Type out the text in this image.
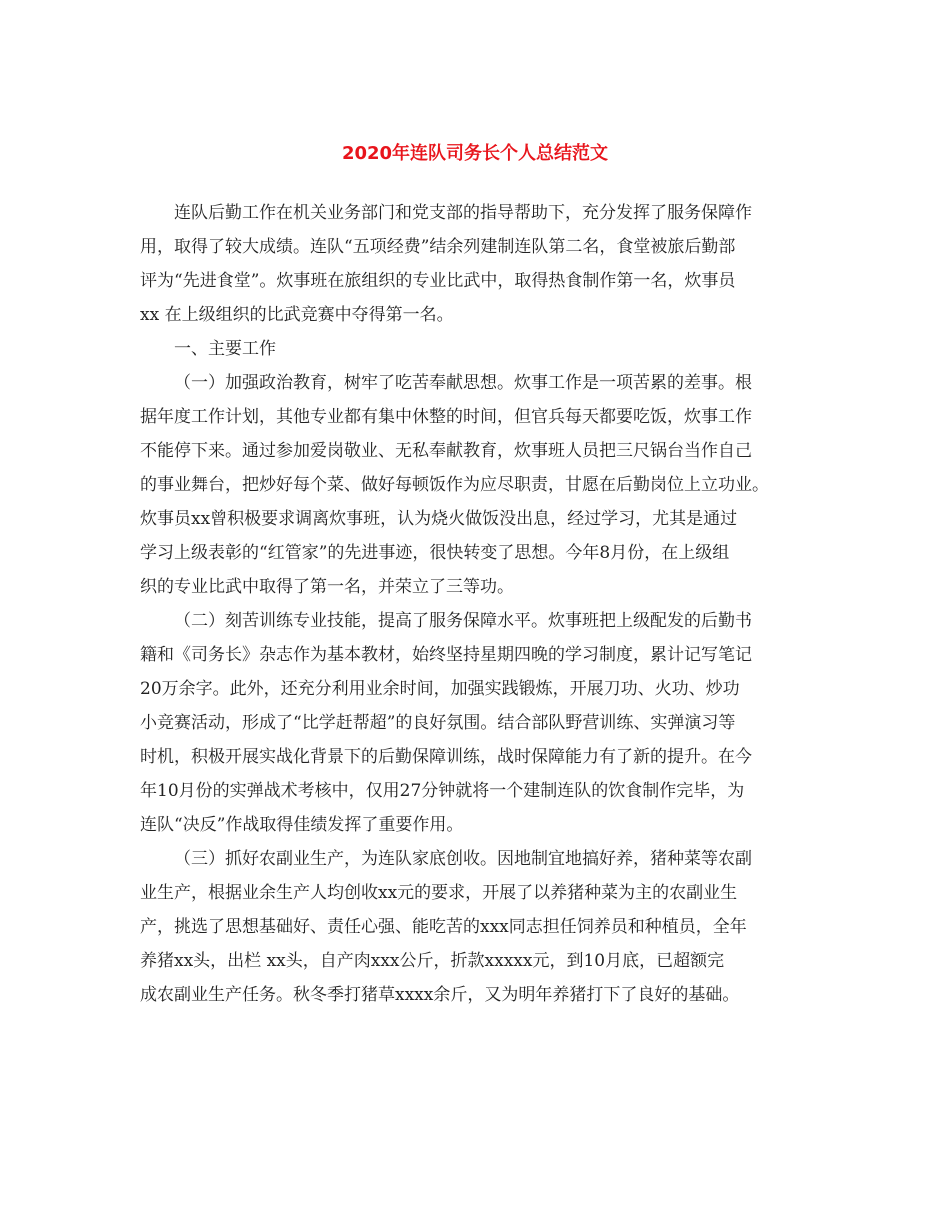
2020年连队司务长个人总结范文

连队后勤工作在机关业务部门和党支部的指导帮助下，充分发挥了服务保障作

用，取得了较大成绩。连队“五项经费”结余列建制连队第二名，食堂被旅后勤部

评为“先进食堂”。炊事班在旅组织的专业比武中，取得热食制作第一名，炊事员

xx 在上级组织的比武竞赛中夺得第一名。

一、主要工作

（一）加强政治教育，树牢了吃苦奉献思想。炊事工作是一项苦累的差事。根

据年度工作计划，其他专业都有集中休整的时间，但官兵每天都要吃饭，炊事工作

不能停下来。通过参加爱岗敬业、无私奉献教育，炊事班人员把三尺锅台当作自己

的事业舞台，把炒好每个菜、做好每顿饭作为应尽职责，甘愿在后勤岗位上立功业。

炊事员xx曾积极要求调离炊事班，认为烧火做饭没出息，经过学习，尤其是通过

学习上级表彰的“红管家”的先进事迹，很快转变了思想。今年8月份，在上级组

织的专业比武中取得了第一名，并荣立了三等功。

（二）刻苦训练专业技能，提高了服务保障水平。炊事班把上级配发的后勤书

籍和《司务长》杂志作为基本教材，始终坚持星期四晚的学习制度，累计记写笔记

20万余字。此外，还充分利用业余时间，加强实践锻炼，开展刀功、火功、炒功

小竞赛活动，形成了“比学赶帮超”的良好氛围。结合部队野营训练、实弹演习等

时机，积极开展实战化背景下的后勤保障训练，战时保障能力有了新的提升。在今

年10月份的实弹战术考核中，仅用27分钟就将一个建制连队的饮食制作完毕，为

连队“决反”作战取得佳绩发挥了重要作用。

（三）抓好农副业生产，为连队家底创收。因地制宜地搞好养，猪种菜等农副

业生产，根据业余生产人均创收xx元的要求，开展了以养猪种菜为主的农副业生

产，挑选了思想基础好、责任心强、能吃苦的xxx同志担任饲养员和种植员，全年

养猪xx头，出栏 xx头，自产肉xxx公斤，折款xxxxx元，到10月底，已超额完

成农副业生产任务。秋冬季打猪草xxxx余斤，又为明年养猪打下了良好的基础。
